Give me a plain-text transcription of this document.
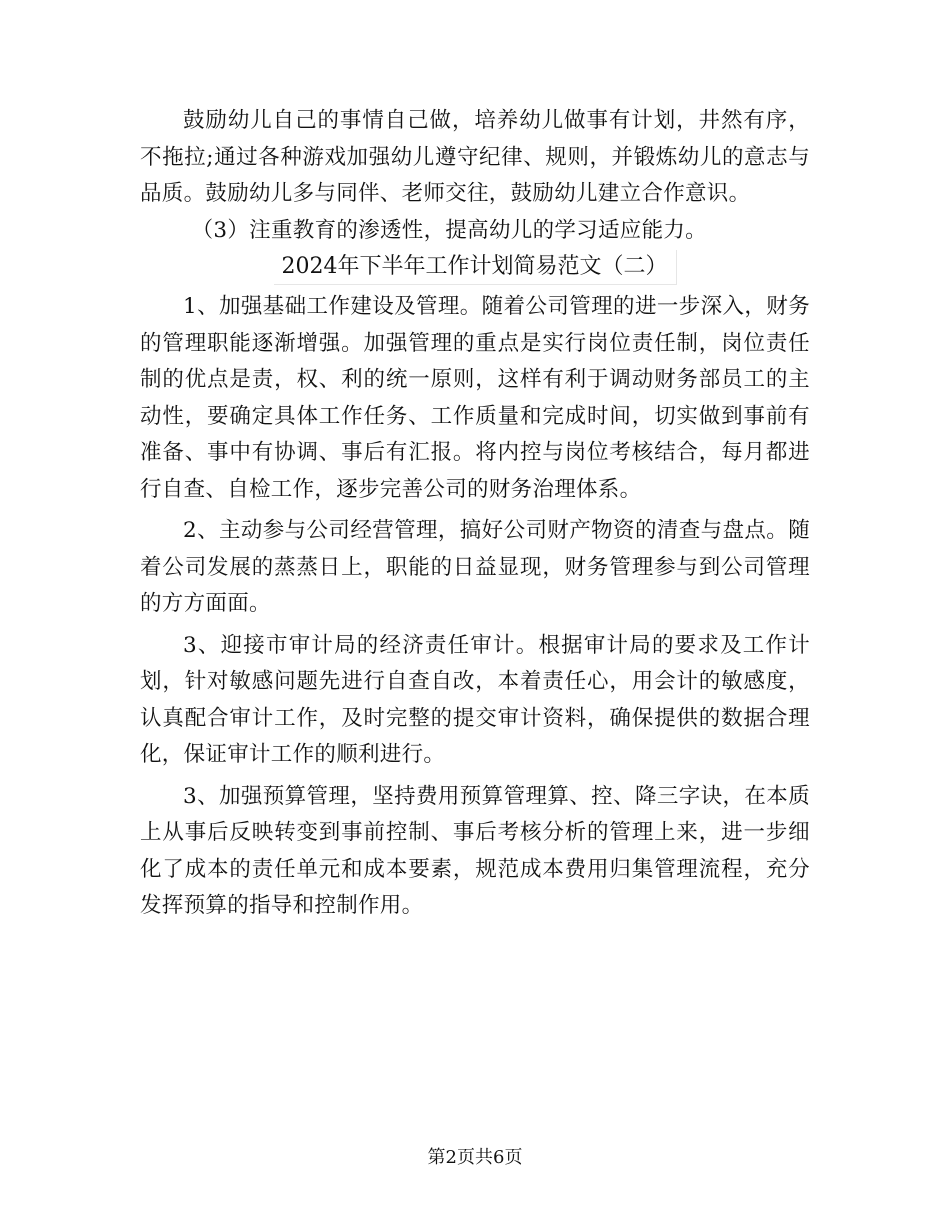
鼓励幼儿自己的事情自己做，培养幼儿做事有计划，井然有序，不拖拉;通过各种游戏加强幼儿遵守纪律、规则，并锻炼幼儿的意志与品质。鼓励幼儿多与同伴、老师交往，鼓励幼儿建立合作意识。

（3）注重教育的渗透性，提高幼儿的学习适应能力。

2024年下半年工作计划简易范文（二）

1、加强基础工作建设及管理。随着公司管理的进一步深入，财务的管理职能逐渐增强。加强管理的重点是实行岗位责任制，岗位责任制的优点是责，权、利的统一原则，这样有利于调动财务部员工的主动性，要确定具体工作任务、工作质量和完成时间，切实做到事前有准备、事中有协调、事后有汇报。将内控与岗位考核结合，每月都进行自查、自检工作，逐步完善公司的财务治理体系。

2、主动参与公司经营管理，搞好公司财产物资的清查与盘点。随着公司发展的蒸蒸日上，职能的日益显现，财务管理参与到公司管理的方方面面。

3、迎接市审计局的经济责任审计。根据审计局的要求及工作计划，针对敏感问题先进行自查自改，本着责任心，用会计的敏感度，认真配合审计工作，及时完整的提交审计资料，确保提供的数据合理化，保证审计工作的顺利进行。

3、加强预算管理，坚持费用预算管理算、控、降三字诀，在本质上从事后反映转变到事前控制、事后考核分析的管理上来，进一步细化了成本的责任单元和成本要素，规范成本费用归集管理流程，充分发挥预算的指导和控制作用。

第2页共6页
